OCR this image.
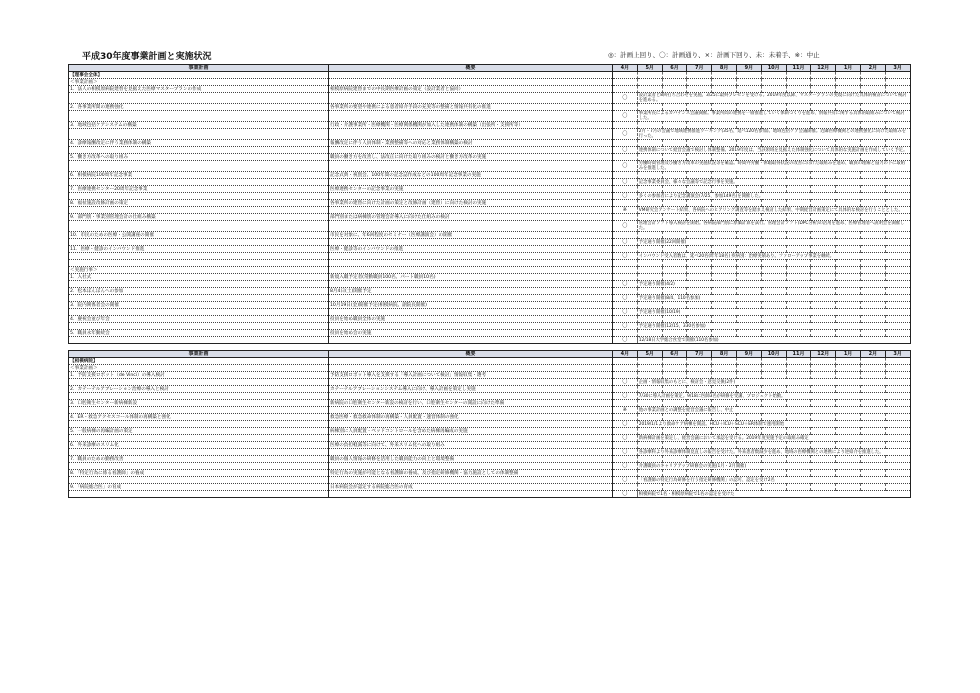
平成30年度事業計画と実施状況	◎：計画上回り、〇：計画通り、×：計画下回り、未：未着手、※：中止
事業計画	概要	4月	5月	6月	7月	8月	9月	10月	11月	12月	1月	2月	3月
【理事会全体】													
＜事業計画＞													
1．法人の相模原病院建替を見据えた医療マスタープランの作成	相模原病院建替までの中長期医療計画の策定（設計業者と協同）												
		〇	設計業者と8回打ち合わせを実施。3/25に最終プレゼンを受ける。2019年度以降、マスタープランの実現に向けた具体的検討について検討を進める。										
2．各事業所間の連携強化	各事業所の要望や連携による患者紹介手段の充実等の整備と情報共有化の推進												
		〇	事業所長によるガバナンス会議開催。事業所間の連携を一層推進していく体制づくりを進め、情報共有に関する具体的取組みについて検討した。										
3．地域包括ケアシステムの構築	行政・介護事業所・医療機関・医療関係機関が加入した連携体制の構築（出張所・支援所等）												
		〇	2月・7月の会議で地域連携推進ワーキング(35名、延べ120名参加)。地域包括ケア会議開催。近隣医療機関との連携強化に向けた取組みを行った。										
4．診療報酬改定に伴う業務体制の構築	報酬改定に伴う人員体制・業務整備等への対応と業務体制構築の検討												
		〇	連携体制について経営会議で検討し体制整備。2019年度は、当該領域を見据えた体制強化について具体的な実施計画を作成していく予定。										
5．働き方改革への取り組み	職員の働き方を改善し、法改正に向けた取り組みの検討と働き方改革の実施												
		〇	労働時間管理及び働き方改革の実施状況等を確認。時間外労働・休暇取得状況の改善に向けた取組みを進め、職員の理解と協力の下に取組みを推進した。										
6．相模病院100周年記念事業	記念式典・祝賀会、100年間の記念誌作成などの100周年記念事業の実施												
		〇	記念事業委員会、様々な会議等で記念行事を実施。										
7．医療連携センター20周年記念事業	医療連携センターの記念事業の実施												
		〇	多くの参加者により記念講演会(7/25、参加149名)を開催した。										
8．福祉施設改修計画の策定	各事業所の建替に向けた計画の策定と改修計画（建替）に向けた検討の実施												
		※	VM研究会アンケート結果、各病院へのヒアリング調査等を踏まえ検討した結果、中期経営計画策定にて具体的な検討を行うこととした。										
9．部門別・事業別管理会計の仕組み構築	部門別または病棟別の管理会計導入に向けた仕組みの検討												
		〇	管理会計ソフト導入検討を開始。各病院部門別に原価計算を試行。管理会計ソフト(DPC分析)の活用を進め、医療管理者へ説明会を開催した。										
10．市民のための医療・公開講座の開催	市民を対象に、年6回程度のセミナー（医療講演会）の開催												
		〇	予定通り開催(22回開催)										
11．医療・健診のインバウンド推進	医療・健診等のインバウンドの推進												
		〇	インバウンド受入者数は、延べ20名(昨年18名) 疾病別：治療実績あり。ファローアップ事業を継続。										

＜実施行事＞													
1．入社式	新規入職予定者(常勤職員100名、パート職員10名)												
		〇	予定通り開催(4/2)										
2．松本ぼんぼんへの参加	8月4日(土)開催予定												
		〇	予定通り開催(8/4、110名参加)										
3．院内関係者会の開催	10月19日(金)開催予定(相模病院、副院長開催)												
		〇	予定通り開催(10/19)										
4．慶祝会並び年会	役員を始め職員全体の実施												
		〇	予定通り開催(12/15、330名参加)										
5．職員永年勤続会	役員を始め会の実施												
		〇	12/18日大学総合食堂で開催(110名参加)										
事業計画	概要	4月	5月	6月	7月	8月	9月	10月	11月	12月	1月	2月	3月
【相模病院】													
＜事業計画＞													
1．予防支援ロボット（de Vinci）の導入検討	予防支援ロボット導入を支援する「導入計画について検討」情報収集・選考												
		〇	企画・情報収集のもとに、検討会・意見交換(2件)										
2．カテーテルアブレーション治療の導入と検討	カテーテルアブレーションシステム導入に向け、導入計画を策定し実施												
		〇	7/30に導入計画を策定。9/18に医師3名が研修を受講、プロジェクト始動。										
3．口腔衛生センター新病棟新設	新病院の口腔衛生センター新設の検討を行い、口腔衛生センターの開設に向けた準備												
		※	他の事業計画との調整を経営会議に報告し、中止										
4．ER・救急アクセスコール体制の再構築と強化	救急医療・救急救命体制の再構築・人員配置・運営体制の強化												
		〇	2019/1/1より救命ケア病棟を開設。HCU＋ICU＋SCU＋ER体制で運用開始										
5．一般病棟の再編計画の策定	病棟別に人員配置・ベッドコントロールを含めた病棟再編成の実施												
		〇	新病棟計画を策定し、経営会議において承認を受ける。2019年度実施予定の取組み確定										
6．外来診療のスリム化	医療の負担軽減等に向けて、外来スリム化への取り組み												
		〇	各診療科より外来診療体制見直しの報告を受けた。外来患者数減少を進め、地域の医療機関との連携により逆紹介を推進した。										
7．職員のための勤務改善	職員の個人情報の研修を活用した職員能力の向上と環境整備												
		〇	介護職員のキャリアアップ研修会の実施(1月・2月開催)										
8．「特定行為に係る看護師」の養成	特定行為の実施が可能となる看護師の養成、及び指定研修機関・協力施設としての体制整備												
		〇	「看護師の特定行為研修を行う指定研修機関」の認可、認定を受け2名										
9．「病院総合医」の育成	日本病院会が認定する病院総合医の育成												
		〇	相模病院で1名・相模原病院で1名の認定を受けた										
